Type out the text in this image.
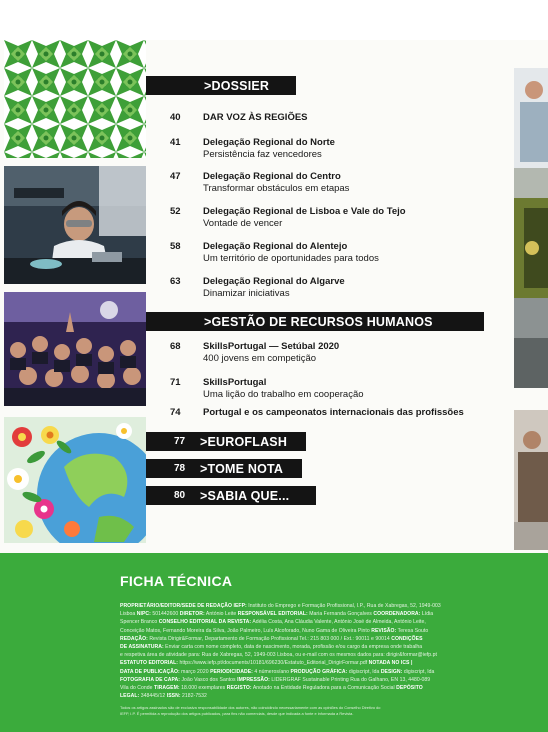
>DOSSIER
40 DAR VOZ ÀS REGIÕES
41 Delegação Regional do Norte
Persistência faz vencedores
47 Delegação Regional do Centro
Transformar obstáculos em etapas
52 Delegação Regional de Lisboa e Vale do Tejo
Vontade de vencer
58 Delegação Regional do Alentejo
Um território de oportunidades para todos
63 Delegação Regional do Algarve
Dinamizar iniciativas
>GESTÃO DE RECURSOS HUMANOS
68 SkillsPortugal — Setúbal 2020
400 jovens em competição
71 SkillsPortugal
Uma lição do trabalho em cooperação
74 Portugal e os campeonatos internacionais das profissões
77	>EUROFLASH
78	>TOME NOTA
80	>SABIA QUE...
FICHA TÉCNICA
PROPRIETÁRIO/EDITOR/SEDE DE REDAÇÃO IEFP: Instituto do Emprego e Formação Profissional, I.P., Rua de Xabregas, 52, 1949-003
Lisboa NIPC: 501442600 DIRETOR: António Leite RESPONSÁVEL EDITORIAL: Maria Fernanda Gonçalves COORDENADORA: Lídia
Spencer Branco CONSELHO EDITORIAL DA REVISTA: Adélia Costa, Ana Cláudia Valente, António José de Almeida, António Leite,
Conceição Matos, Fernando Moreira da Silva, João Palmeiro, Luís Alcoforado, Nuno Gama de Oliveira Pinto REVISÃO: Teresa Souto
REDAÇÃO: Revista Dirigir&Formar, Departamento de Formação Profissional Tel.: 215 803 000 / Ext.: 90011 e 90014 CONDIÇÕES
DE ASSINATURA: Enviar carta com nome completo, data de nascimento, morada, profissão e/ou cargo da empresa onde trabalha
e respetiva área de atividade para: Rua de Xabregas, 52, 1949-003 Lisboa, ou e-mail com os mesmos dados para: dirigir&formar@iefp.pt
ESTATUTO EDITORIAL: https://www.iefp.pt/documents/10181/696230/Estatuto_Editorial_DirigirFormar.pdf NOTADA NO ICS |
DATA DE PUBLICAÇÃO: março 2020 PERIODICIDADE: 4 números/ano PRODUÇÃO GRÁFICA: digiscript, lda DESIGN: digiscript, lda
FOTOGRAFIA DE CAPA: João Vasco dos Santos IMPRESSÃO: LIDERGRAF Sustainable Printing Rua do Galhano, EN 13, 4480-089
Vila do Conde TIRAGEM: 18.000 exemplares REGISTO: Anotado na Entidade Reguladora para a Comunicação Social DEPÓSITO
LEGAL: 348445/12 ISSN: 2182-7532
Todos os artigos assinados são de exclusiva responsabilidade dos autores, não coincidindo necessariamente com as opiniões do Conselho Diretivo do
IEFP, I.P. É permitida a reprodução dos artigos publicados, para fins não comerciais, desde que indicada a fonte e informada a Revista.
